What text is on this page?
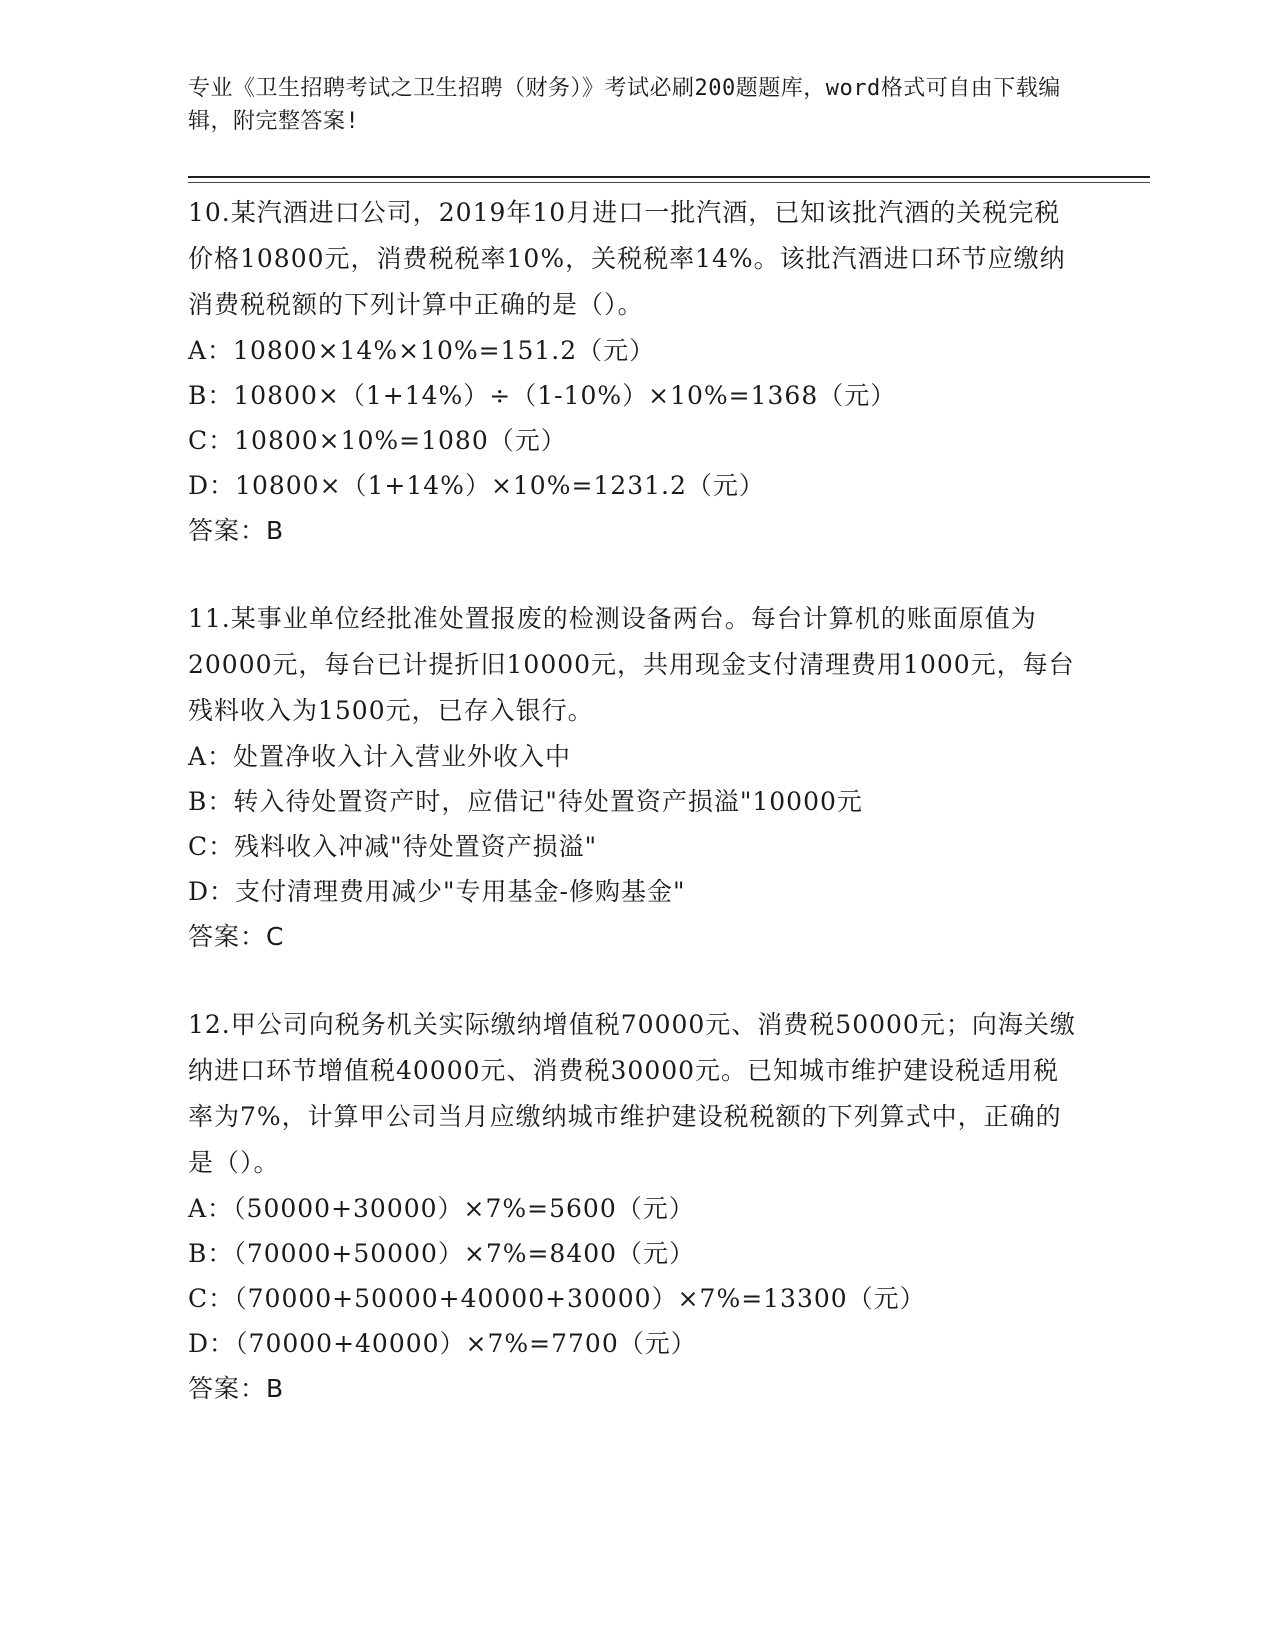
专业《卫生招聘考试之卫生招聘（财务）》考试必刷200题题库，word格式可自由下载编辑，附完整答案!

10.某汽酒进口公司，2019年10月进口一批汽酒，已知该批汽酒的关税完税价格10800元，消费税税率10%，关税税率14%。该批汽酒进口环节应缴纳消费税税额的下列计算中正确的是（）。

A：10800×14%×10%=151.2（元）

B：10800×（1+14%）÷（1-10%）×10%=1368（元）

C：10800×10%=1080（元）

D：10800×（1+14%）×10%=1231.2（元）

答案：B

11.某事业单位经批准处置报废的检测设备两台。每台计算机的账面原值为20000元，每台已计提折旧10000元，共用现金支付清理费用1000元，每台残料收入为1500元，已存入银行。

A：处置净收入计入营业外收入中

B：转入待处置资产时，应借记"待处置资产损溢"10000元

C：残料收入冲减"待处置资产损溢"

D：支付清理费用减少"专用基金-修购基金"

答案：C

12.甲公司向税务机关实际缴纳增值税70000元、消费税50000元；向海关缴纳进口环节增值税40000元、消费税30000元。已知城市维护建设税适用税率为7%，计算甲公司当月应缴纳城市维护建设税税额的下列算式中，正确的是（）。

A：（50000+30000）×7%=5600（元）

B：（70000+50000）×7%=8400（元）

C：（70000+50000+40000+30000）×7%=13300（元）

D：（70000+40000）×7%=7700（元）

答案：B
